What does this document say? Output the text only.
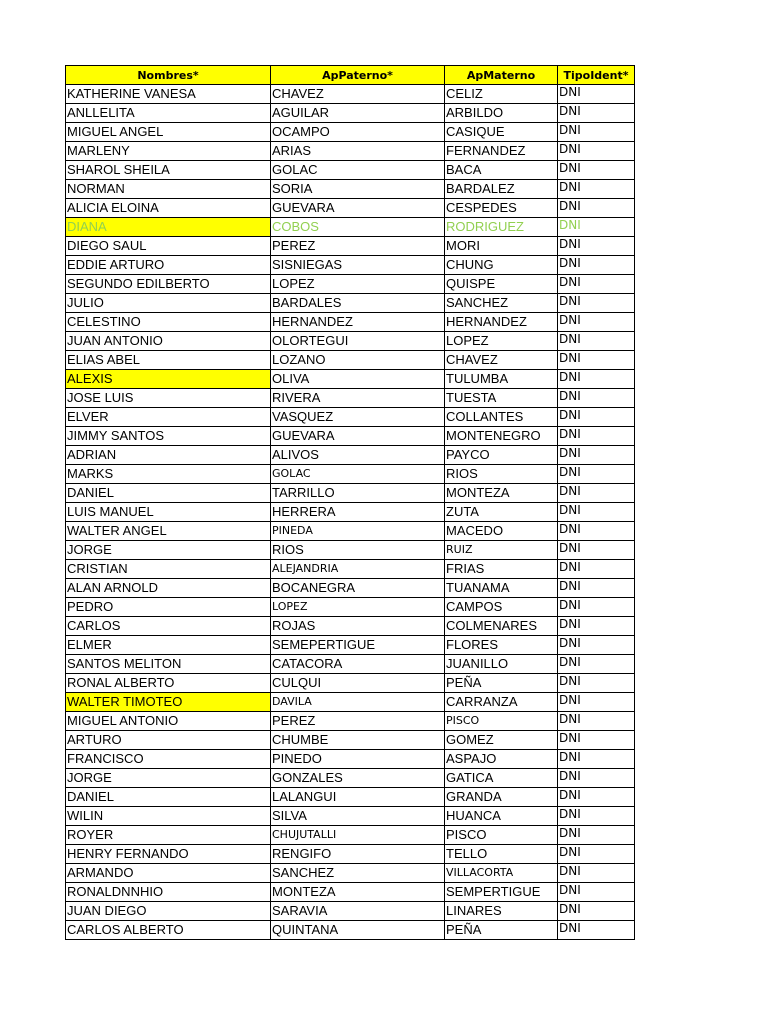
Nombres*	ApPaterno*	ApMaterno	TipoIdent*
KATHERINE VANESA	CHAVEZ	CELIZ	DNI
ANLLELITA	AGUILAR	ARBILDO	DNI
MIGUEL ANGEL	OCAMPO	CASIQUE	DNI
MARLENY	ARIAS	FERNANDEZ	DNI
SHAROL SHEILA	GOLAC	BACA	DNI
NORMAN	SORIA	BARDALEZ	DNI
ALICIA ELOINA	GUEVARA	CESPEDES	DNI
DIANA	COBOS	RODRIGUEZ	DNI
DIEGO SAUL	PEREZ	MORI	DNI
EDDIE ARTURO	SISNIEGAS	CHUNG	DNI
SEGUNDO EDILBERTO	LOPEZ	QUISPE	DNI
JULIO	BARDALES	SANCHEZ	DNI
CELESTINO	HERNANDEZ	HERNANDEZ	DNI
JUAN ANTONIO	OLORTEGUI	LOPEZ	DNI
ELIAS ABEL	LOZANO	CHAVEZ	DNI
ALEXIS	OLIVA	TULUMBA	DNI
JOSE LUIS	RIVERA	TUESTA	DNI
ELVER	VASQUEZ	COLLANTES	DNI
JIMMY SANTOS	GUEVARA	MONTENEGRO	DNI
ADRIAN	ALIVOS	PAYCO	DNI
MARKS	GOLAC	RIOS	DNI
DANIEL	TARRILLO	MONTEZA	DNI
LUIS MANUEL	HERRERA	ZUTA	DNI
WALTER ANGEL	PINEDA	MACEDO	DNI
JORGE	RIOS	RUIZ	DNI
CRISTIAN	ALEJANDRIA	FRIAS	DNI
ALAN ARNOLD	BOCANEGRA	TUANAMA	DNI
PEDRO	LOPEZ	CAMPOS	DNI
CARLOS	ROJAS	COLMENARES	DNI
ELMER	SEMEPERTIGUE	FLORES	DNI
SANTOS MELITON	CATACORA	JUANILLO	DNI
RONAL ALBERTO	CULQUI	PEÑA	DNI
WALTER TIMOTEO	DAVILA	CARRANZA	DNI
MIGUEL ANTONIO	PEREZ	PISCO	DNI
ARTURO	CHUMBE	GOMEZ	DNI
FRANCISCO	PINEDO	ASPAJO	DNI
JORGE	GONZALES	GATICA	DNI
DANIEL	LALANGUI	GRANDA	DNI
WILIN	SILVA	HUANCA	DNI
ROYER	CHUJUTALLI	PISCO	DNI
HENRY FERNANDO	RENGIFO	TELLO	DNI
ARMANDO	SANCHEZ	VILLACORTA	DNI
RONALDNNHIO	MONTEZA	SEMPERTIGUE	DNI
JUAN DIEGO	SARAVIA	LINARES	DNI
CARLOS ALBERTO	QUINTANA	PEÑA	DNI
